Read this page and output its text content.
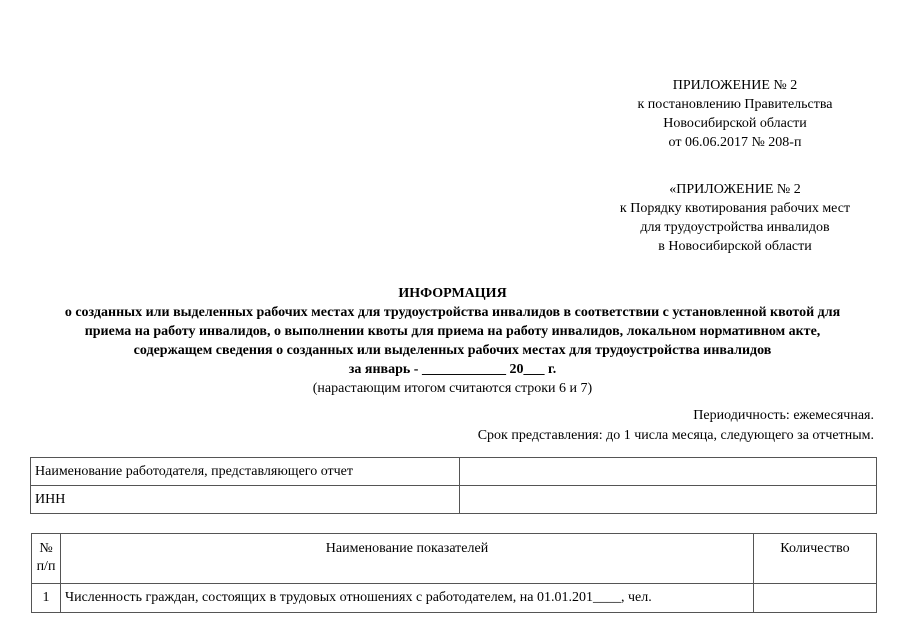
ПРИЛОЖЕНИЕ № 2
к постановлению Правительства
Новосибирской области
от 06.06.2017 № 208-п
«ПРИЛОЖЕНИЕ № 2
к Порядку квотирования рабочих мест
для трудоустройства инвалидов
в Новосибирской области
ИНФОРМАЦИЯ
о созданных или выделенных рабочих местах для трудоустройства инвалидов в соответствии с установленной квотой для
приема на работу инвалидов, о выполнении квоты для приема на работу инвалидов, локальном нормативном акте,
содержащем сведения о созданных или выделенных рабочих местах для трудоустройства инвалидов
за январь - ____________ 20___ г.
(нарастающим итогом считаются строки 6 и 7)
Периодичность: ежемесячная.
Срок представления: до 1 числа месяца, следующего за отчетным.
Наименование работодателя, представляющего отчет	
ИНН	
№ п/п	Наименование показателей	Количество
1	Численность граждан, состоящих в трудовых отношениях с работодателем, на 01.01.201____, чел.	
